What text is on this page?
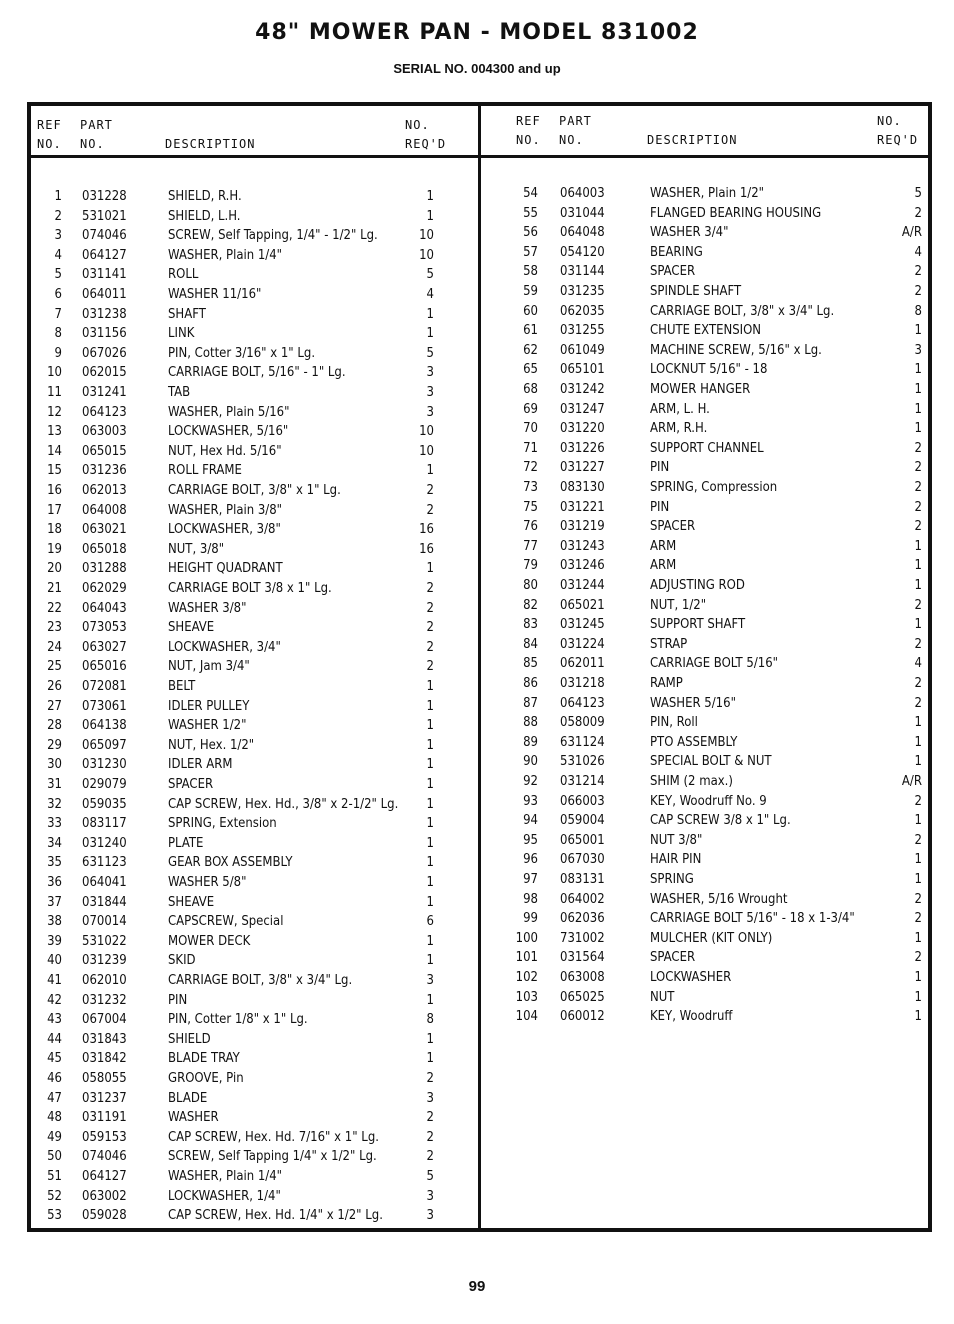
48" MOWER PAN - MODEL 831002
SERIAL NO. 004300 and up
REF
NO.
PART
NO.	DESCRIPTION
NO.
REQ'D
REF
NO.
PART
NO.	DESCRIPTION
NO.
REQ'D
1 031228	SHIELD, R.H.	1
2 531021	SHIELD, L.H.	1
3 074046	SCREW, Self Tapping, 1/4" - 1/2" Lg.	10
4 064127	WASHER, Plain 1/4"	10
5 031141	ROLL	5
6 064011	WASHER 11/16"	4
7 031238	SHAFT	1
8 031156	LINK	1
9 067026	PIN, Cotter 3/16" x 1" Lg.	5
10 062015	CARRIAGE BOLT, 5/16" - 1" Lg.	3
11 031241	TAB	3
12 064123	WASHER, Plain 5/16"	3
13 063003	LOCKWASHER, 5/16"	10
14 065015	NUT, Hex Hd. 5/16"	10
15 031236	ROLL FRAME	1
16 062013	CARRIAGE BOLT, 3/8" x 1" Lg.	2
17 064008	WASHER, Plain 3/8"	2
18 063021	LOCKWASHER, 3/8"	16
19 065018	NUT, 3/8"	16
20 031288	HEIGHT QUADRANT	1
21 062029	CARRIAGE BOLT 3/8 x 1" Lg.	2
22 064043	WASHER 3/8"	2
23 073053	SHEAVE	2
24 063027	LOCKWASHER, 3/4"	2
25 065016	NUT, Jam 3/4"	2
26 072081	BELT	1
27 073061	IDLER PULLEY	1
28 064138	WASHER 1/2"	1
29 065097	NUT, Hex. 1/2"	1
30 031230	IDLER ARM	1
31 029079	SPACER	1
32 059035	CAP SCREW, Hex. Hd., 3/8" x 2-1/2" Lg.	1
33 083117	SPRING, Extension	1
34 031240	PLATE	1
35 631123	GEAR BOX ASSEMBLY	1
36 064041	WASHER 5/8"	1
37 031844	SHEAVE	1
38 070014	CAPSCREW, Special	6
39 531022	MOWER DECK	1
40 031239	SKID	1
41 062010	CARRIAGE BOLT, 3/8" x 3/4" Lg.	3
42 031232	PIN	1
43 067004	PIN, Cotter 1/8" x 1" Lg.	8
44 031843	SHIELD	1
45 031842	BLADE TRAY	1
46 058055	GROOVE, Pin	2
47 031237	BLADE	3
48 031191	WASHER	2
49 059153	CAP SCREW, Hex. Hd. 7/16" x 1" Lg.	2
50 074046	SCREW, Self Tapping 1/4" x 1/2" Lg.	2
51 064127	WASHER, Plain 1/4"	5
52 063002	LOCKWASHER, 1/4"	3
53 059028	CAP SCREW, Hex. Hd. 1/4" x 1/2" Lg.	3
54 064003	WASHER, Plain 1/2"	5
55 031044	FLANGED BEARING HOUSING	2
56 064048	WASHER 3/4"	A/R
57 054120	BEARING	4
58 031144	SPACER	2
59 031235	SPINDLE SHAFT	2
60 062035	CARRIAGE BOLT, 3/8" x 3/4" Lg.	8
61 031255	CHUTE EXTENSION	1
62 061049	MACHINE SCREW, 5/16" x Lg.	3
65 065101	LOCKNUT 5/16" - 18	1
68 031242	MOWER HANGER	1
69 031247	ARM, L. H.	1
70 031220	ARM, R.H.	1
71 031226	SUPPORT CHANNEL	2
72 031227	PIN	2
73 083130	SPRING, Compression	2
75 031221	PIN	2
76 031219	SPACER	2
77 031243	ARM	1
79 031246	ARM	1
80 031244	ADJUSTING ROD	1
82 065021	NUT, 1/2"	2
83 031245	SUPPORT SHAFT	1
84 031224	STRAP	2
85 062011	CARRIAGE BOLT 5/16"	4
86 031218	RAMP	2
87 064123	WASHER 5/16"	2
88 058009	PIN, Roll	1
89 631124	PTO ASSEMBLY	1
90 531026	SPECIAL BOLT & NUT	1
92 031214	SHIM (2 max.)	A/R
93 066003	KEY, Woodruff No. 9	2
94 059004	CAP SCREW 3/8 x 1" Lg.	1
95 065001	NUT 3/8"	2
96 067030	HAIR PIN	1
97 083131	SPRING	1
98 064002	WASHER, 5/16 Wrought	2
99 062036	CARRIAGE BOLT 5/16" - 18 x 1-3/4"	2
100 731002	MULCHER (KIT ONLY)	1
101 031564	SPACER	2
102 063008	LOCKWASHER	1
103 065025	NUT	1
104 060012	KEY, Woodruff	1
99
